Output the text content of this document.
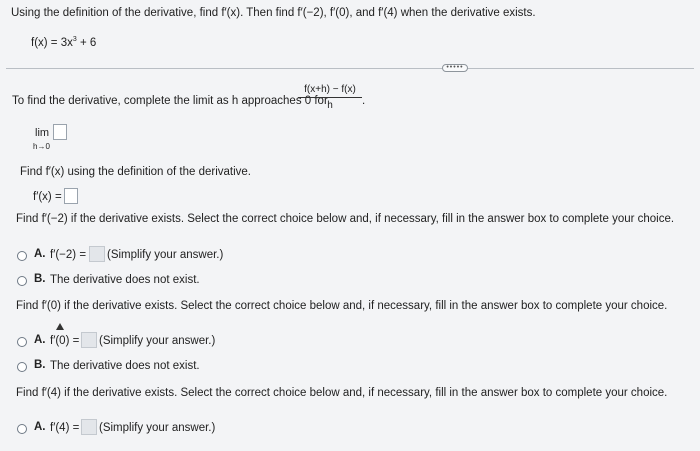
Using the definition of the derivative, find f′(x). Then find f′(−2), f′(0), and f′(4) when the derivative exists.
$f(x) = 3x^3 + 6$
•••••
To find the derivative, complete the limit as h approaches 0 for
$\frac{f(x+h) - f(x)}{h}$ .
lim
h→0
Find f′(x) using the definition of the derivative.
f′(x) =
Find f′(−2) if the derivative exists. Select the correct choice below and, if necessary, fill in the answer box to complete your choice.
A. f′(−2) = (Simplify your answer.)
B. The derivative does not exist.
Find f′(0) if the derivative exists. Select the correct choice below and, if necessary, fill in the answer box to complete your choice.
A. f′(0) = (Simplify your answer.)
B. The derivative does not exist.
Find f′(4) if the derivative exists. Select the correct choice below and, if necessary, fill in the answer box to complete your choice.
A. f′(4) = (Simplify your answer.)
